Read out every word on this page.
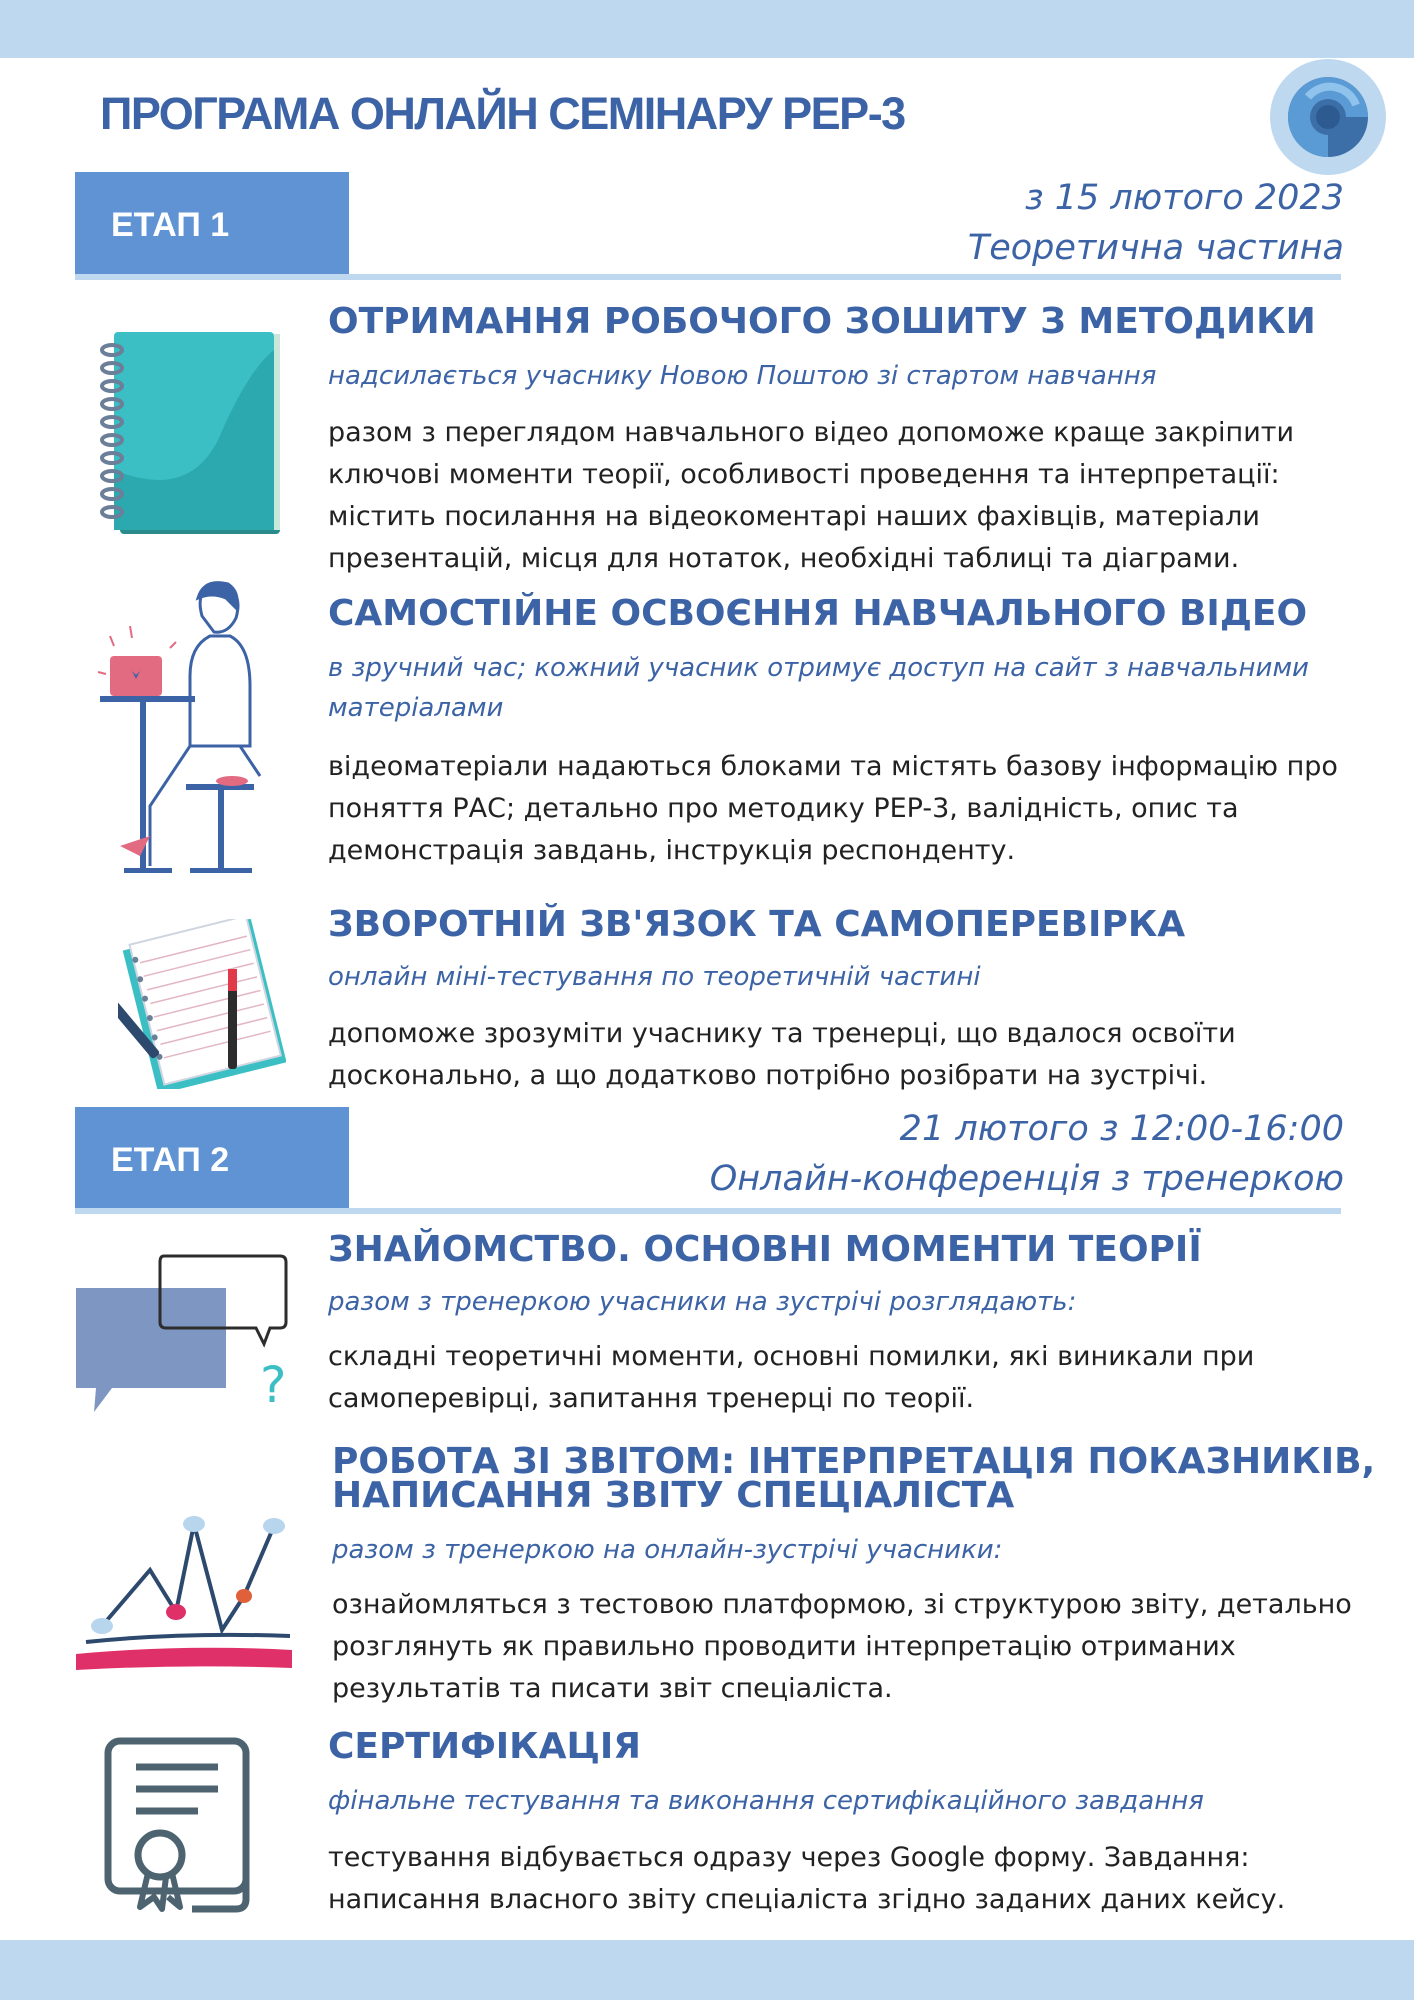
ПРОГРАМА ОНЛАЙН СЕМІНАРУ PEP-3
ЕТАП 1
з 15 лютого 2023
Теоретична частина
ОТРИМАННЯ РОБОЧОГО ЗОШИТУ З МЕТОДИКИ
надсилається учаснику Новою Поштою зі стартом навчання
разом з переглядом навчального відео допоможе краще закріпити ключові моменти теорії, особливості проведення та інтерпретації: містить посилання на відеокоментарі наших фахівців, матеріали презентацій, місця для нотаток, необхідні таблиці та діаграми.
САМОСТІЙНЕ ОСВОЄННЯ НАВЧАЛЬНОГО ВІДЕО
в зручний час; кожний учасник отримує доступ на сайт з навчальними матеріалами
відеоматеріали надаються блоками та містять базову інформацію про поняття РАС; детально про методику PEP-3, валідність, опис та демонстрація завдань, інструкція респонденту.
ЗВОРОТНІЙ ЗВ'ЯЗОК ТА САМОПЕРЕВІРКА
онлайн міні-тестування по теоретичній частині
допоможе зрозуміти учаснику та тренерці, що вдалося освоїти досконально, а що додатково потрібно розібрати на зустрічі.
ЕТАП 2
21 лютого з 12:00-16:00
Онлайн-конференція з тренеркою
?
ЗНАЙОМСТВО. ОСНОВНІ МОМЕНТИ ТЕОРІЇ
разом з тренеркою учасники на зустрічі розглядають:
складні теоретичні моменти, основні помилки, які виникали при самоперевірці, запитання тренерці по теорії.
РОБОТА ЗІ ЗВІТОМ: ІНТЕРПРЕТАЦІЯ ПОКАЗНИКІВ,
НАПИСАННЯ ЗВІТУ СПЕЦІАЛІСТА
разом з тренеркою на онлайн-зустрічі учасники:
ознайомляться з тестовою платформою, зі структурою звіту, детально розглянуть як правильно проводити інтерпретацію отриманих результатів та писати звіт спеціаліста.
СЕРТИФІКАЦІЯ
фінальне тестування та виконання сертифікаційного завдання
тестування відбувається одразу через Google форму. Завдання: написання власного звіту спеціаліста згідно заданих даних кейсу.
